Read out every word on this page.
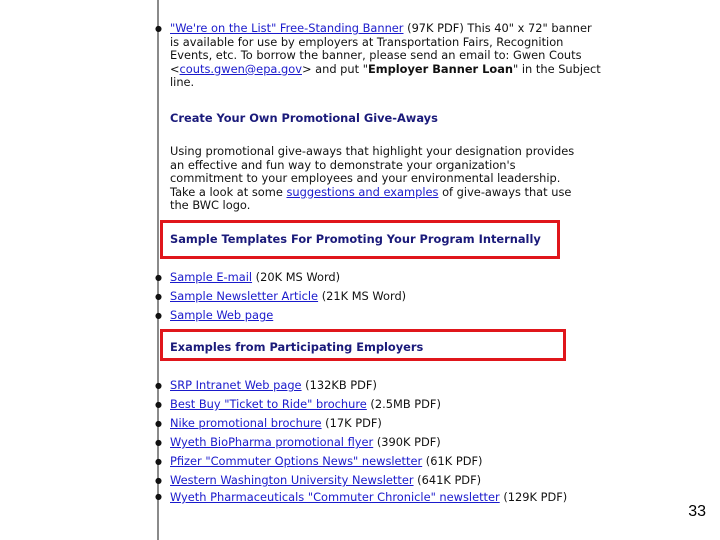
● "We're on the List" Free-Standing Banner (97K PDF) This 40" x 72" banner is available for use by employers at Transportation Fairs, Recognition Events, etc. To borrow the banner, please send an email to: Gwen Couts <couts.gwen@epa.gov> and put "Employer Banner Loan" in the Subject line.
Create Your Own Promotional Give-Aways

Using promotional give-aways that highlight your designation provides an effective and fun way to demonstrate your organization's commitment to your employees and your environmental leadership. Take a look at some suggestions and examples of give-aways that use the BWC logo.

Sample Templates For Promoting Your Program Internally
● Sample E-mail (20K MS Word)
● Sample Newsletter Article (21K MS Word)
● Sample Web page
Examples from Participating Employers
● SRP Intranet Web page (132KB PDF)
● Best Buy "Ticket to Ride" brochure (2.5MB PDF)
● Nike promotional brochure (17K PDF)
● Wyeth BioPharma promotional flyer (390K PDF)
● Pfizer "Commuter Options News" newsletter (61K PDF)
● Western Washington University Newsletter (641K PDF)
● Wyeth Pharmaceuticals "Commuter Chronicle" newsletter (129K PDF)
33
